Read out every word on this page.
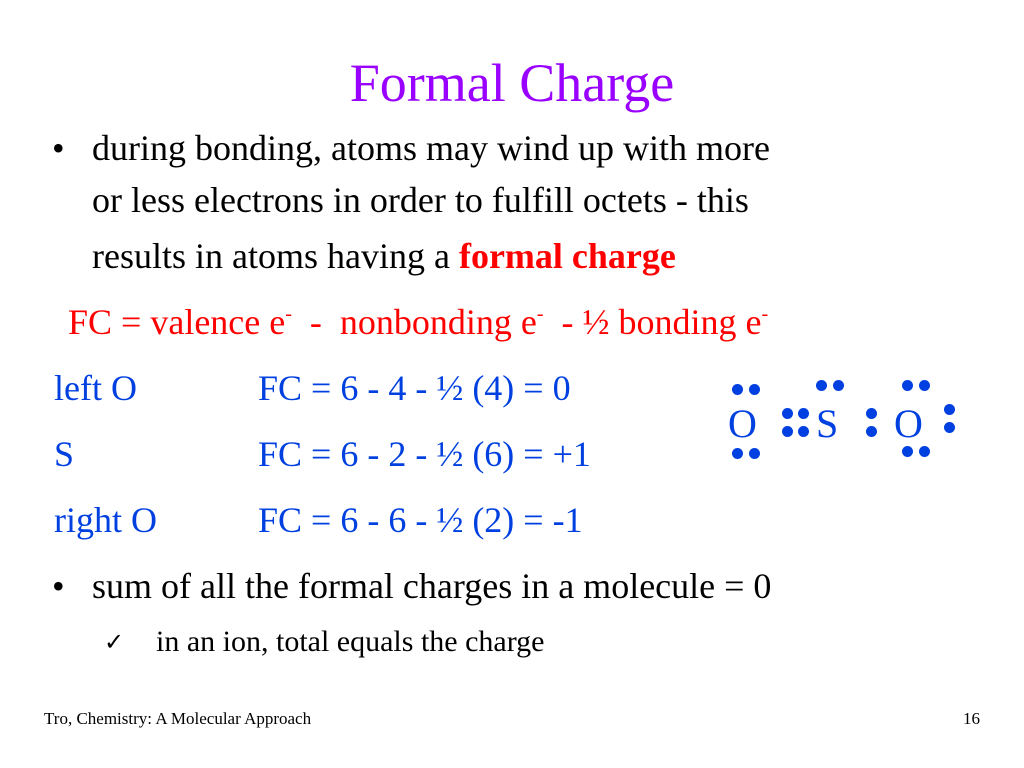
Formal Charge
• during bonding, atoms may wind up with more
or less electrons in order to fulfill octets - this
results in atoms having a formal charge
FC = valence e-  -  nonbonding e-  - ½ bonding e-
left O	FC = 6 - 4 - ½ (4) = 0
S	FC = 6 - 2 - ½ (6) = +1
right O	FC = 6 - 6 - ½ (2) = -1
O S O
• sum of all the formal charges in a molecule = 0
✓ in an ion, total equals the charge
Tro, Chemistry: A Molecular Approach	16
